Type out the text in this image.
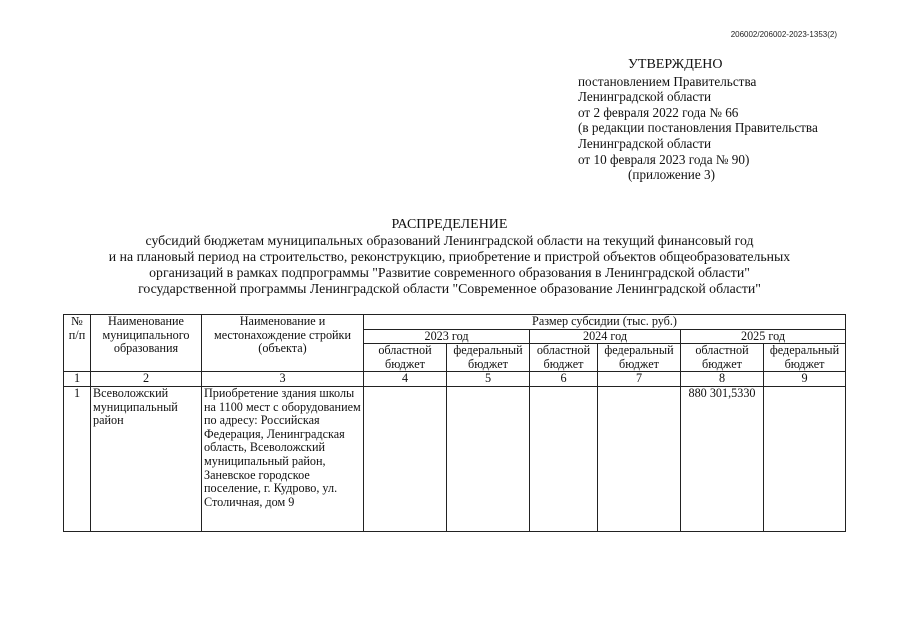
206002/206002-2023-1353(2)
УТВЕРЖДЕНО
постановлением Правительства
Ленинградской области
от 2 февраля 2022 года № 66
(в редакции постановления Правительства
Ленинградской области
от 10 февраля 2023 года № 90)
(приложение 3)
РАСПРЕДЕЛЕНИЕ
субсидий бюджетам муниципальных образований Ленинградской области на текущий финансовый год
и на плановый период на строительство, реконструкцию, приобретение и пристрой объектов общеобразовательных
организаций в рамках подпрограммы "Развитие современного образования в Ленинградской области"
государственной программы Ленинградской области "Современное образование Ленинградской области"
№ п/п	Наименование муниципального образования	Наименование и местонахождение стройки (объекта)	Размер субсидии (тыс. руб.)					
			2023 год		2024 год		2025 год	
			областной бюджет	федеральный бюджет	областной бюджет	федеральный бюджет	областной бюджет	федеральный бюджет
1	2	3	4	5	6	7	8	9
1	Всеволожский муниципальный район	Приобретение здания школы на 1100 мест с оборудованием по адресу: Российская Федерация, Ленинградская область, Всеволожский муниципальный район, Заневское городское поселение, г. Кудрово, ул. Столичная, дом 9					880 301,5330	
